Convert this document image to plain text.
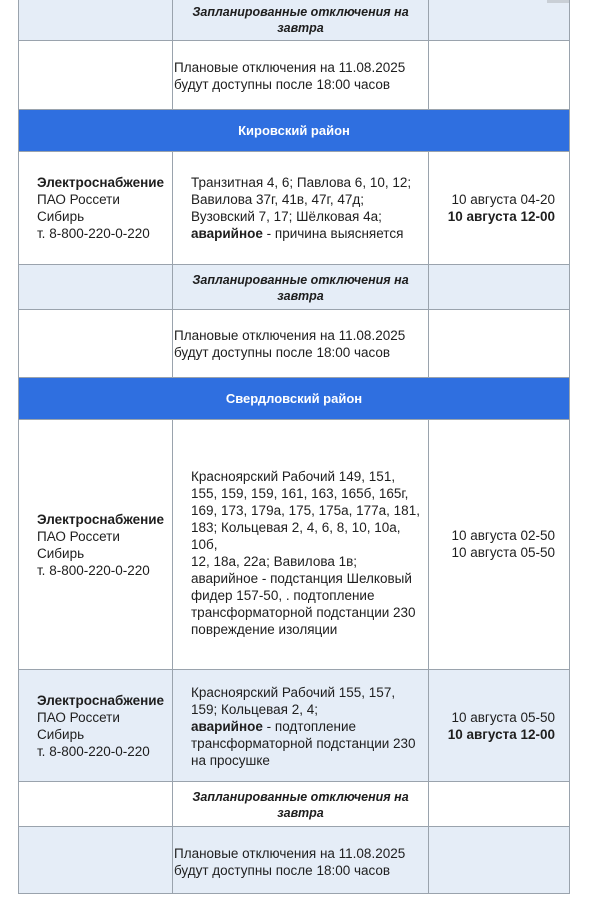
Запланированные отключения на
завтра
Плановые отключения на 11.08.2025
будут доступны после 18:00 часов
Кировский район
Электроснабжение
ПАО Россети
Сибирь
т. 8-800-220-0-220
Транзитная 4, 6; Павлова 6, 10, 12;
Вавилова 37г, 41в, 47г, 47д;
Вузовский 7, 17; Шёлковая 4а;
аварийное - причина выясняется
10 августа 04-20
10 августа 12-00
Запланированные отключения на
завтра
Плановые отключения на 11.08.2025
будут доступны после 18:00 часов
Свердловский район
Электроснабжение
ПАО Россети
Сибирь
т. 8-800-220-0-220
Красноярский Рабочий 149, 151,
155, 159, 159, 161, 163, 165б, 165г,
169, 173, 179а, 175, 175а, 177а, 181,
183; Кольцевая 2, 4, 6, 8, 10, 10а, 10б,
12, 18а, 22а; Вавилова 1в;
аварийное - подстанция Шелковый
фидер 157-50, . подтопление
трансформаторной подстанции 230
повреждение изоляции
10 августа 02-50
10 августа 05-50
Электроснабжение
ПАО Россети
Сибирь
т. 8-800-220-0-220
Красноярский Рабочий 155, 157,
159; Кольцевая 2, 4;
аварийное - подтопление
трансформаторной подстанции 230
на просушке
10 августа 05-50
10 августа 12-00
Запланированные отключения на
завтра
Плановые отключения на 11.08.2025
будут доступны после 18:00 часов
